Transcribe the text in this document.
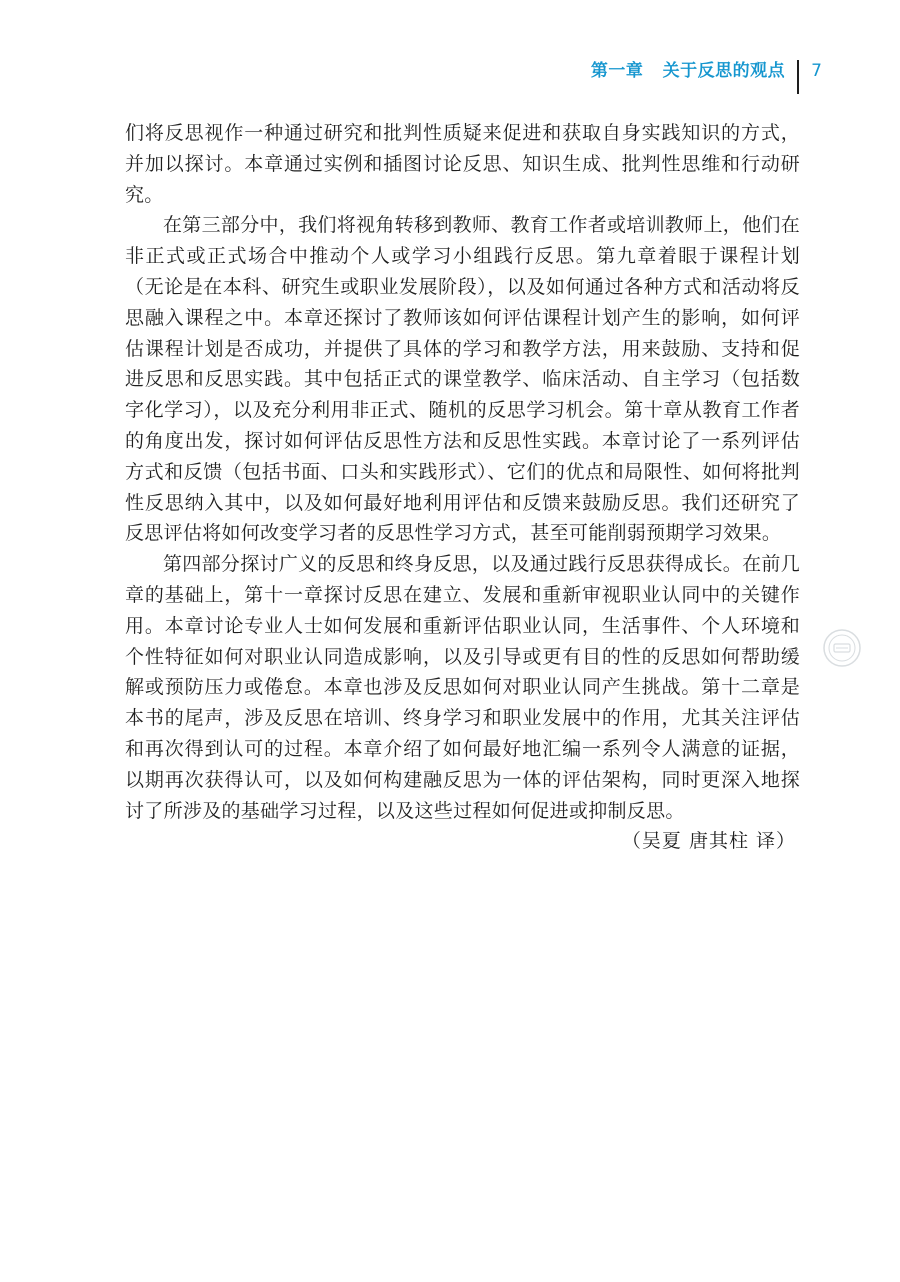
第一章   关于反思的观点 7

们将反思视作一种通过研究和批判性质疑来促进和获取自身实践知识的方式，并加以探讨。本章通过实例和插图讨论反思、知识生成、批判性思维和行动研究。

在第三部分中，我们将视角转移到教师、教育工作者或培训教师上，他们在非正式或正式场合中推动个人或学习小组践行反思。第九章着眼于课程计划（无论是在本科、研究生或职业发展阶段），以及如何通过各种方式和活动将反思融入课程之中。本章还探讨了教师该如何评估课程计划产生的影响，如何评估课程计划是否成功，并提供了具体的学习和教学方法，用来鼓励、支持和促进反思和反思实践。其中包括正式的课堂教学、临床活动、自主学习（包括数字化学习），以及充分利用非正式、随机的反思学习机会。第十章从教育工作者的角度出发，探讨如何评估反思性方法和反思性实践。本章讨论了一系列评估方式和反馈（包括书面、口头和实践形式）、它们的优点和局限性、如何将批判性反思纳入其中，以及如何最好地利用评估和反馈来鼓励反思。我们还研究了反思评估将如何改变学习者的反思性学习方式，甚至可能削弱预期学习效果。

第四部分探讨广义的反思和终身反思，以及通过践行反思获得成长。在前几章的基础上，第十一章探讨反思在建立、发展和重新审视职业认同中的关键作用。本章讨论专业人士如何发展和重新评估职业认同，生活事件、个人环境和个性特征如何对职业认同造成影响，以及引导或更有目的性的反思如何帮助缓解或预防压力或倦怠。本章也涉及反思如何对职业认同产生挑战。第十二章是本书的尾声，涉及反思在培训、终身学习和职业发展中的作用，尤其关注评估和再次得到认可的过程。本章介绍了如何最好地汇编一系列令人满意的证据，以期再次获得认可，以及如何构建融反思为一体的评估架构，同时更深入地探讨了所涉及的基础学习过程，以及这些过程如何促进或抑制反思。

（吴夏 唐其柱 译）
